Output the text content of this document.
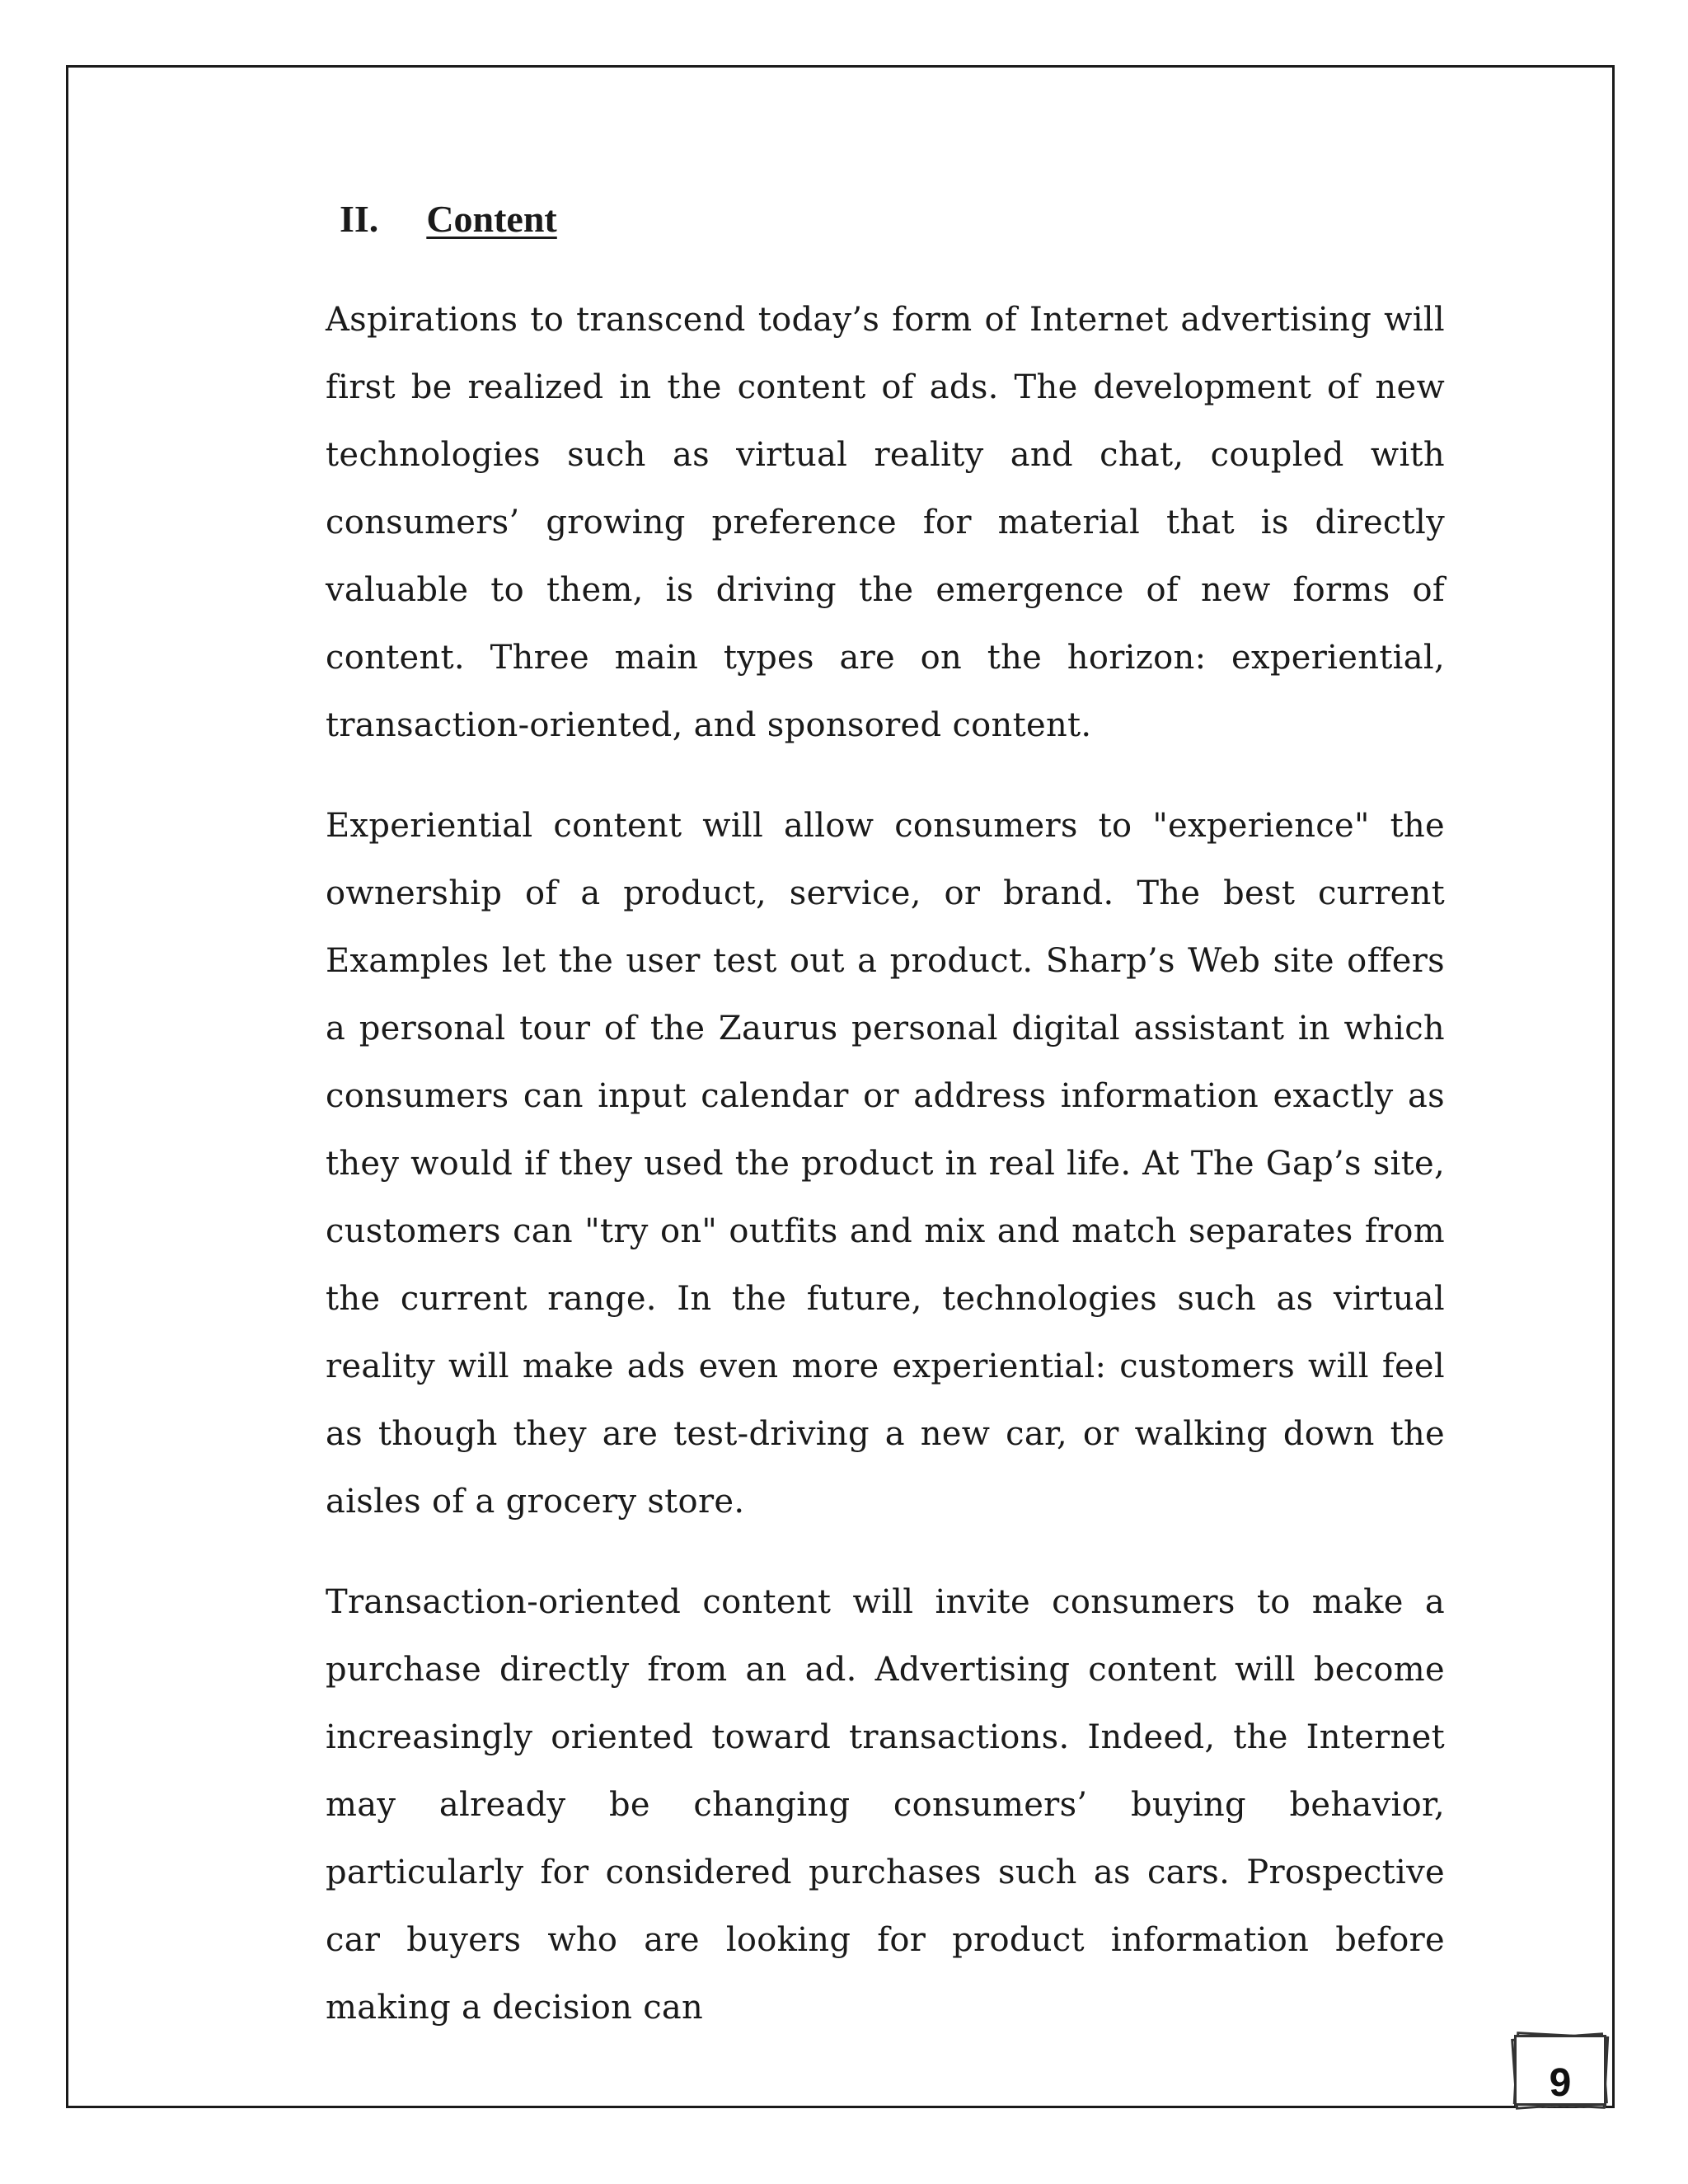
II. Content

Aspirations to transcend today’s form of Internet advertising will first be realized in the content of ads. The development of new technologies such as virtual reality and chat, coupled with consumers’ growing preference for material that is directly valuable to them, is driving the emergence of new forms of content. Three main types are on the horizon: experiential, transaction-oriented, and sponsored content.

Experiential content will allow consumers to "experience" the ownership of a product, service, or brand. The best current Examples let the user test out a product. Sharp’s Web site offers a personal tour of the Zaurus personal digital assistant in which consumers can input calendar or address information exactly as they would if they used the product in real life. At The Gap’s site, customers can "try on" outfits and mix and match separates from the current range. In the future, technologies such as virtual reality will make ads even more experiential: customers will feel as though they are test-driving a new car, or walking down the aisles of a grocery store.

Transaction-oriented content will invite consumers to make a purchase directly from an ad. Advertising content will become increasingly oriented toward transactions. Indeed, the Internet may already be changing consumers’ buying behavior, particularly for considered purchases such as cars. Prospective car buyers who are looking for product information before making a decision can

9
